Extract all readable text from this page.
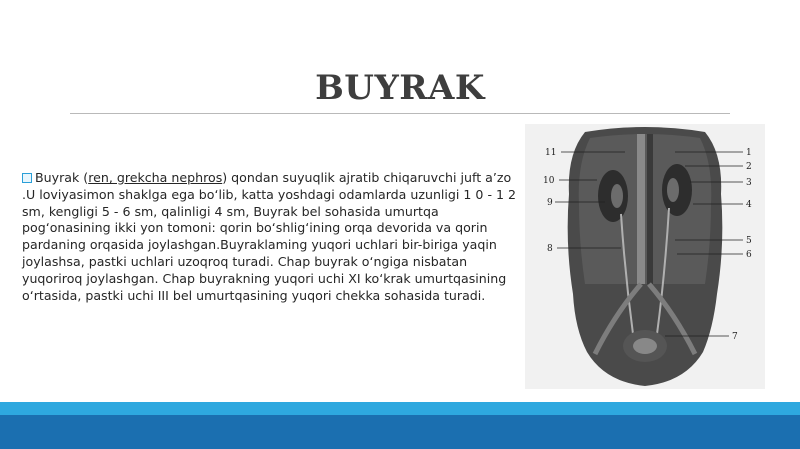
BUYRAK
Buyrak (ren, grekcha nephros) qondan suyuqlik ajratib chiqaruvchi juft a’zo .U loviyasimon shaklga ega bo‘lib, katta yoshdagi odamlarda uzunligi 1 0 - 1 2 sm, kengligi 5 - 6 sm, qalinligi 4 sm, Buyrak bel sohasida umurtqa pog‘onasining ikki yon tomoni: qorin bo‘shlig‘ining orqa devorida va qorin pardaning orqasida joylashgan.Buyraklaming yuqori uchlari bir-biriga yaqin joylashsa, pastki uchlari uzoqroq turadi. Chap buyrak o‘ngiga nisbatan yuqoriroq joylashgan. Chap buyrakning yuqori uchi XI ko‘krak umurtqasining o‘rtasida, pastki uchi III bel umurtqasining yuqori chekka sohasida turadi.
1
2
3
4
5
6
7
8
9
10
11
